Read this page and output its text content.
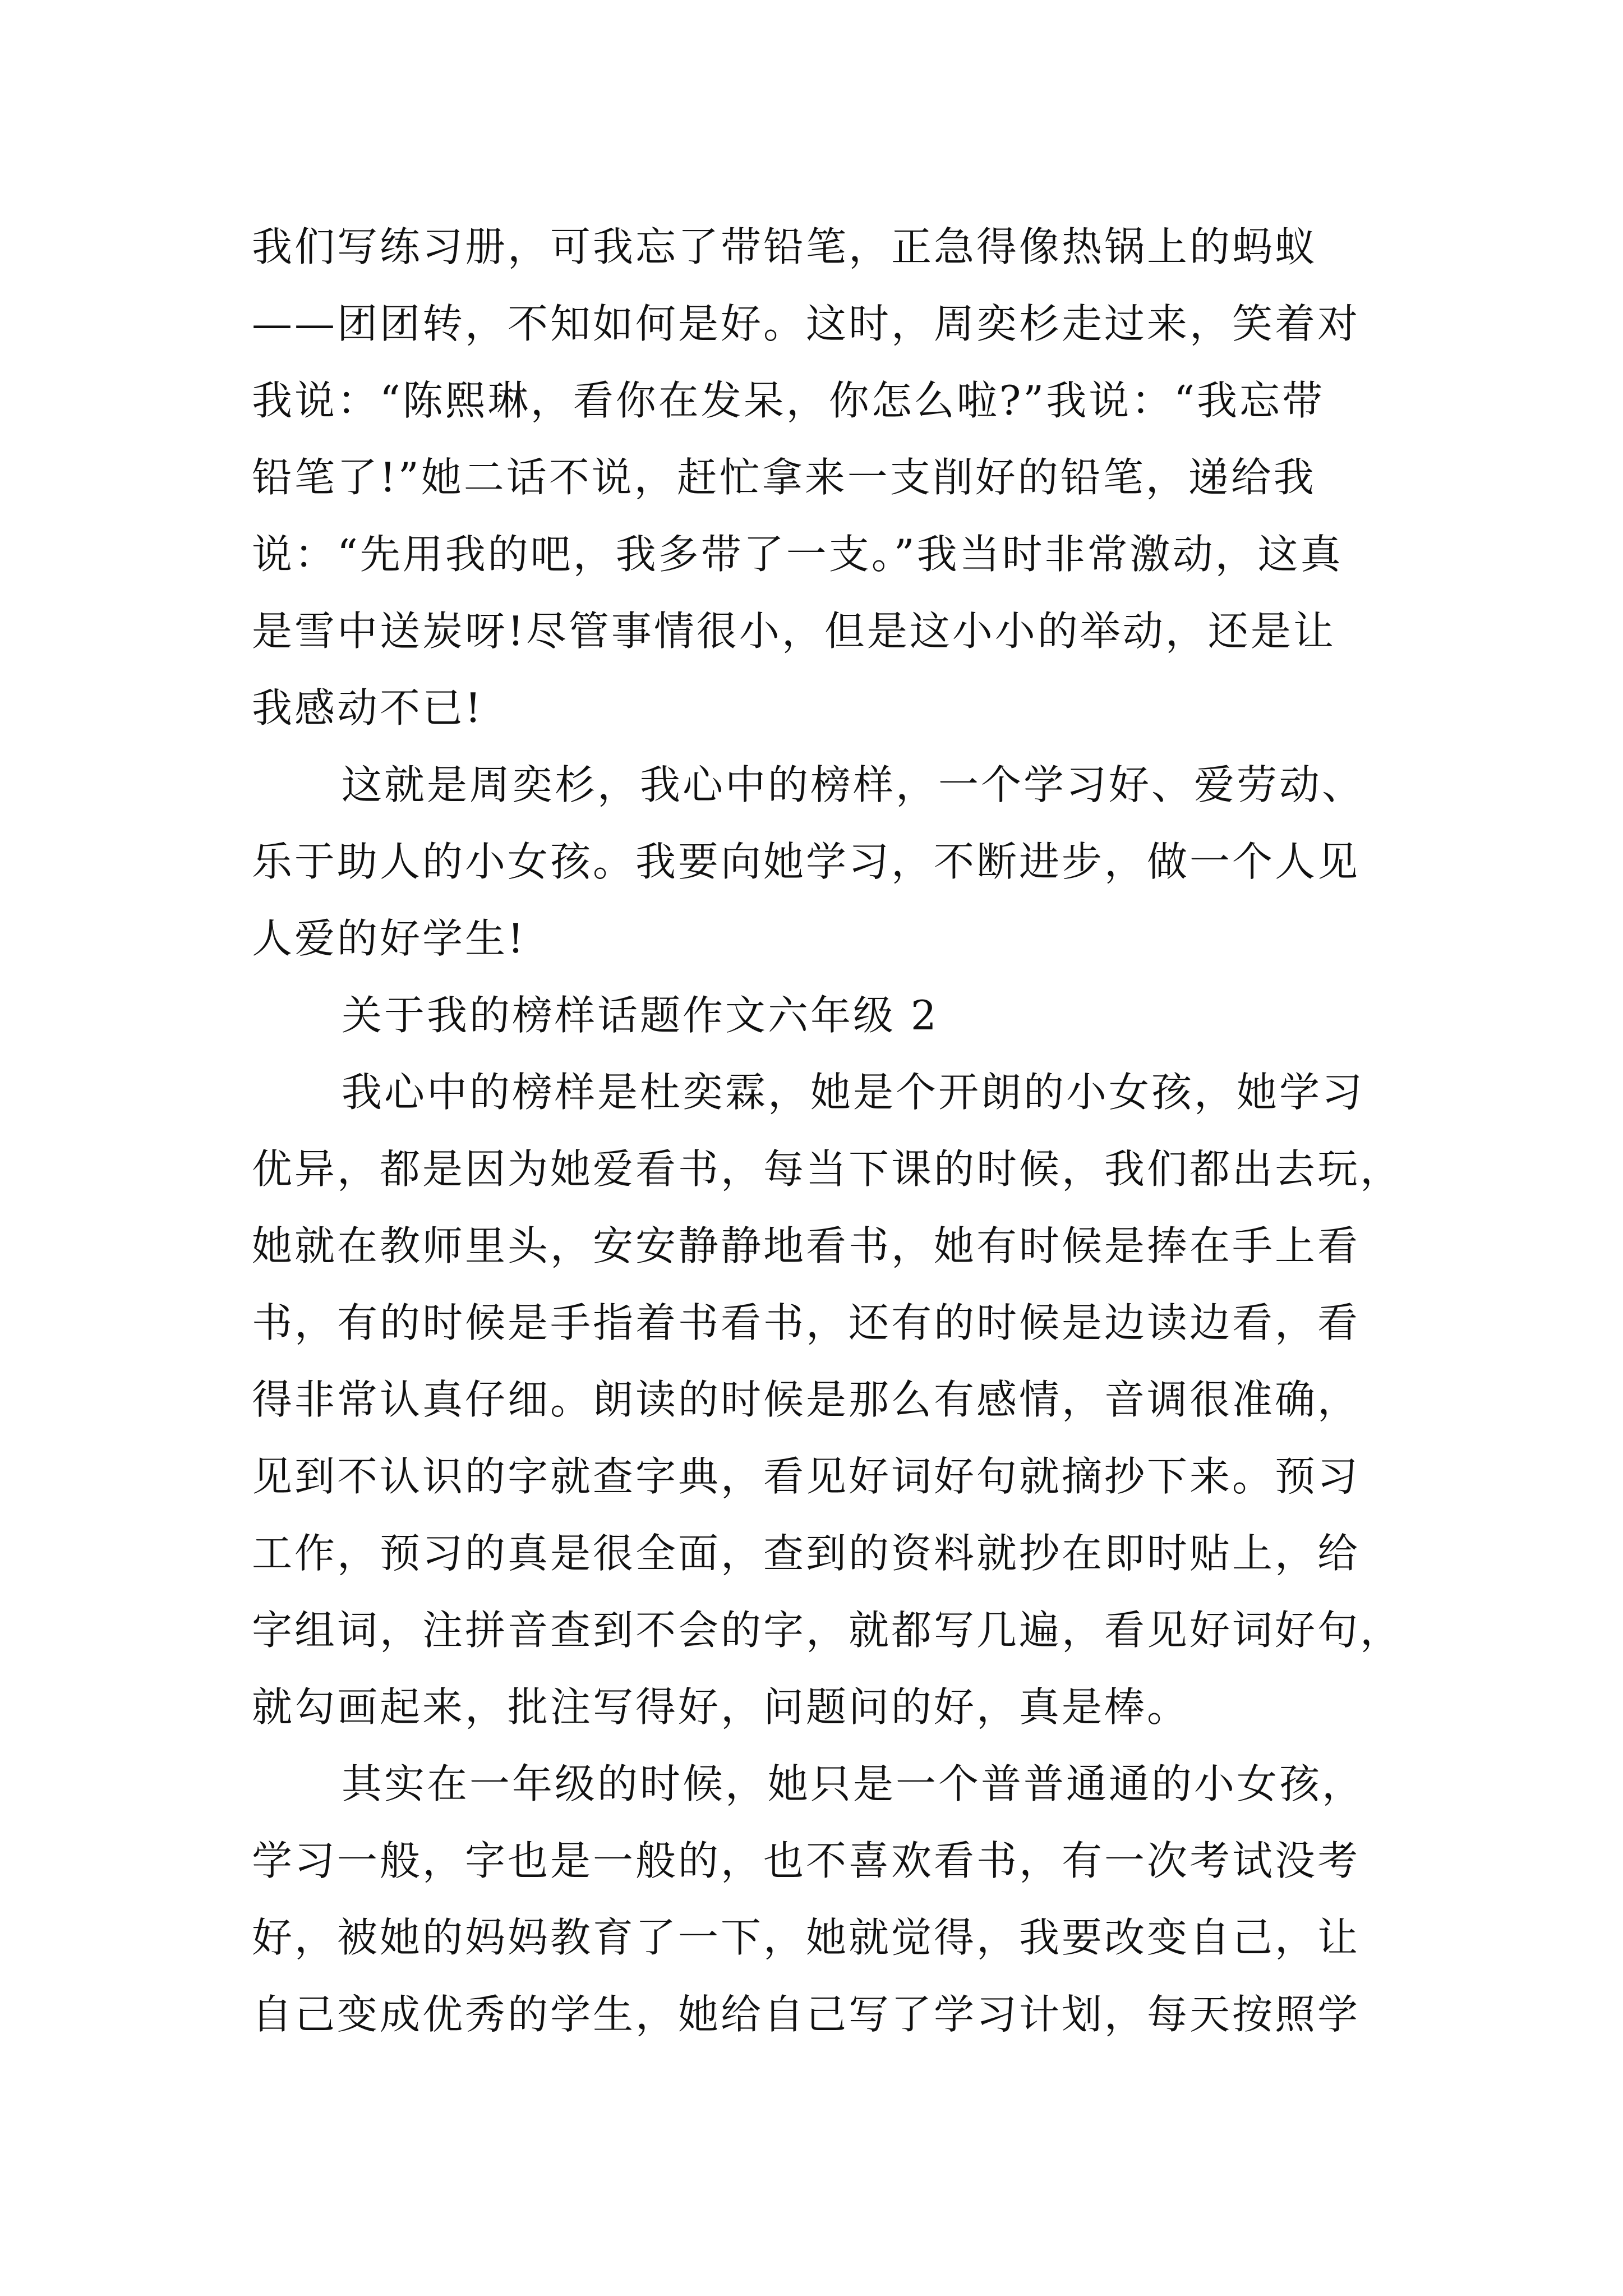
我们写练习册，可我忘了带铅笔，正急得像热锅上的蚂蚁
——团团转，不知如何是好。这时，周奕杉走过来，笑着对
我说：“陈熙琳，看你在发呆，你怎么啦?”我说：“我忘带
铅笔了!”她二话不说，赶忙拿来一支削好的铅笔，递给我
说：“先用我的吧，我多带了一支。”我当时非常激动，这真
是雪中送炭呀!尽管事情很小，但是这小小的举动，还是让
我感动不已!
这就是周奕杉，我心中的榜样，一个学习好、爱劳动、
乐于助人的小女孩。我要向她学习，不断进步，做一个人见
人爱的好学生!
关于我的榜样话题作文六年级 2
我心中的榜样是杜奕霖，她是个开朗的小女孩，她学习
优异，都是因为她爱看书，每当下课的时候，我们都出去玩，
她就在教师里头，安安静静地看书，她有时候是捧在手上看
书，有的时候是手指着书看书，还有的时候是边读边看，看
得非常认真仔细。朗读的时候是那么有感情，音调很准确，
见到不认识的字就查字典，看见好词好句就摘抄下来。预习
工作，预习的真是很全面，查到的资料就抄在即时贴上，给
字组词，注拼音查到不会的字，就都写几遍，看见好词好句，
就勾画起来，批注写得好，问题问的好，真是棒。
其实在一年级的时候，她只是一个普普通通的小女孩，
学习一般，字也是一般的，也不喜欢看书，有一次考试没考
好，被她的妈妈教育了一下，她就觉得，我要改变自己，让
自己变成优秀的学生，她给自己写了学习计划，每天按照学
